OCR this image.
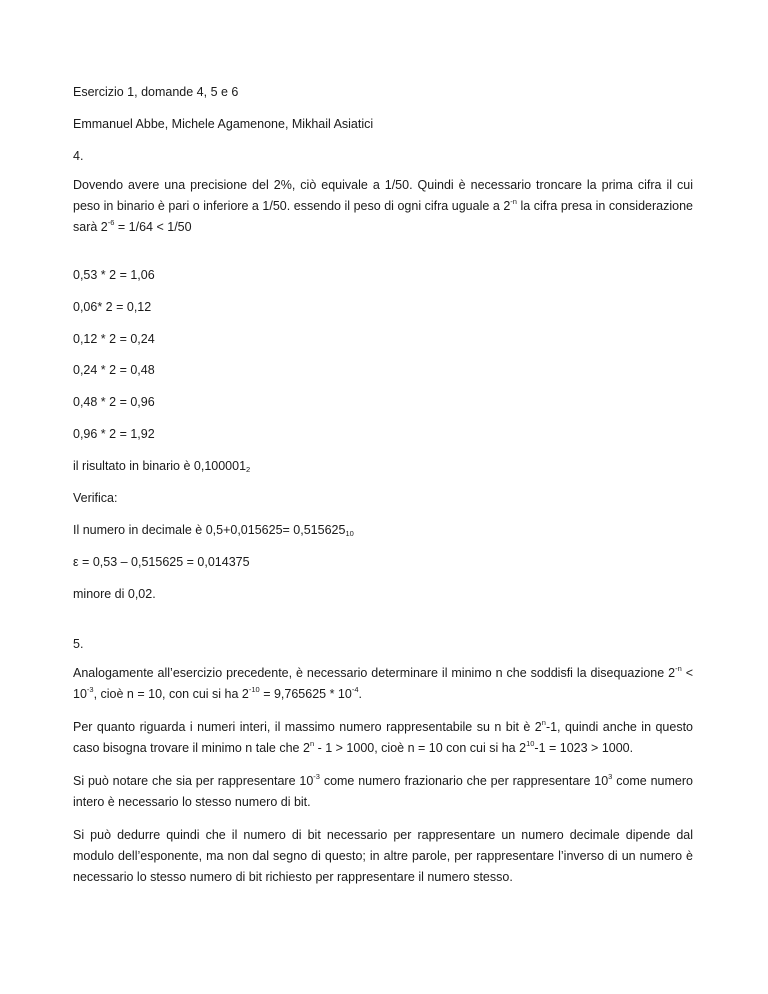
Esercizio 1, domande 4, 5 e 6
Emmanuel Abbe, Michele Agamenone, Mikhail Asiatici
4.
Dovendo avere una precisione del 2%, ciò equivale a 1/50. Quindi è necessario troncare la prima cifra il cui peso in binario è pari o inferiore a 1/50. essendo il peso di ogni cifra uguale a $2^{-n}$ la cifra presa in considerazione sarà $2^{-6} = 1/64 < 1/50$
0,53 * 2 = 1,06
0,06* 2 = 0,12
0,12 * 2 = 0,24
0,24 * 2 = 0,48
0,48 * 2 = 0,96
0,96 * 2 = 1,92
il risultato in binario è $0,100001_2$
Verifica:
Il numero in decimale è $0,5+0,015625= 0,515625_{10}$
ε = 0,53 – 0,515625 = 0,014375
minore di 0,02.
5.
Analogamente all’esercizio precedente, è necessario determinare il minimo n che soddisfi la disequazione $2^{-n} < 10^{-3}$, cioè n = 10, con cui si ha $2^{-10} = 9,765625 * 10^{-4}$.
Per quanto riguarda i numeri interi, il massimo numero rappresentabile su n bit è 2$^n$-1, quindi anche in questo caso bisogna trovare il minimo n tale che 2$^n$ - 1 > 1000, cioè n = 10 con cui si ha $2^{10}-1 = 1023 > 1000$.
Si può notare che sia per rappresentare $10^{-3}$ come numero frazionario che per rappresentare $10^3$ come numero intero è necessario lo stesso numero di bit.
Si può dedurre quindi che il numero di bit necessario per rappresentare un numero decimale dipende dal modulo dell’esponente, ma non dal segno di questo; in altre parole, per rappresentare l’inverso di un numero è necessario lo stesso numero di bit richiesto per rappresentare il numero stesso.
